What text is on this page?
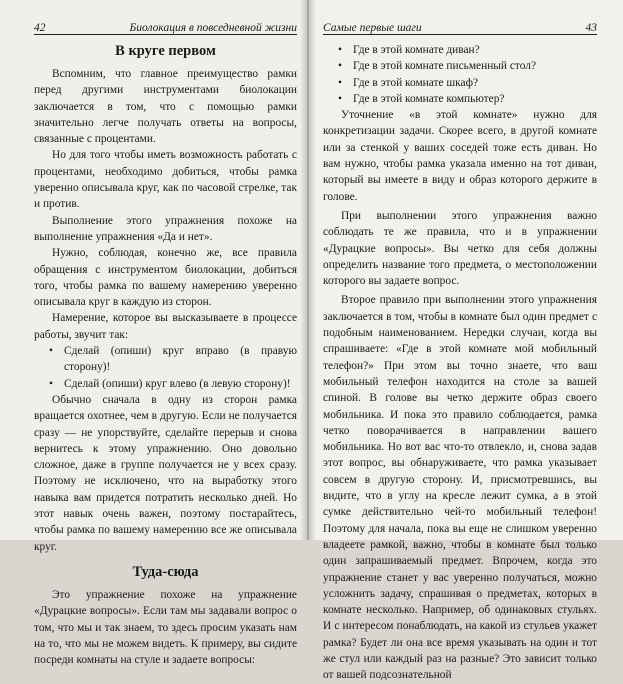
42	Биолокация в повседневной жизни
В круге первом

Вспомним, что главное преимущество рамки перед другими инструментами биолокации заключается в том, что с помощью рамки значительно легче получать ответы на вопросы, связанные с процентами.

Но для того чтобы иметь возможность работать с процентами, необходимо добиться, чтобы рамка уверенно описывала круг, как по часовой стрелке, так и против.

Выполнение этого упражнения похоже на выполнение упражнения «Да и нет».

Нужно, соблюдая, конечно же, все правила обращения с инструментом биолокации, добиться того, чтобы рамка по вашему намерению уверенно описывала круг в каждую из сторон.

Намерение, которое вы высказываете в процессе работы, звучит так:

• Сделай (опиши) круг вправо (в правую сторону)!
• Сделай (опиши) круг влево (в левую сторону)!

Обычно сначала в одну из сторон рамка вращается охотнее, чем в другую. Если не получается сразу — не упорствуйте, сделайте перерыв и снова вернитесь к этому упражнению. Оно довольно сложное, даже в группе получается не у всех сразу. Поэтому не исключено, что на выработку этого навыка вам придется потратить несколько дней. Но этот навык очень важен, поэтому постарайтесь, чтобы рамка по вашему намерению все же описывала круг.

Туда-сюда

Это упражнение похоже на упражнение «Дурацкие вопросы». Если там мы задавали вопрос о том, что мы и так знаем, то здесь просим указать нам на то, что мы не можем видеть. К примеру, вы сидите посреди комнаты на стуле и задаете вопросы:

Самые первые шаги	43
• Где в этой комнате диван?
• Где в этой комнате письменный стол?
• Где в этой комнате шкаф?
• Где в этой комнате компьютер?

Уточнение «в этой комнате» нужно для конкретизации задачи. Скорее всего, в другой комнате или за стенкой у ваших соседей тоже есть диван. Но вам нужно, чтобы рамка указала именно на тот диван, который вы имеете в виду и образ которого держите в голове.

При выполнении этого упражнения важно соблюдать те же правила, что и в упражнении «Дурацкие вопросы». Вы четко для себя должны определить название того предмета, о местоположении которого вы задаете вопрос.

Второе правило при выполнении этого упражнения заключается в том, чтобы в комнате был один предмет с подобным наименованием. Нередки случаи, когда вы спрашиваете: «Где в этой комнате мой мобильный телефон?» При этом вы точно знаете, что ваш мобильный телефон находится на столе за вашей спиной. В голове вы четко держите образ своего мобильника. И пока это правило соблюдается, рамка четко поворачивается в направлении вашего мобильника. Но вот вас что-то отвлекло, и, снова задав этот вопрос, вы обнаруживаете, что рамка указывает совсем в другую сторону. И, присмотревшись, вы видите, что в углу на кресле лежит сумка, а в этой сумке действительно чей-то мобильный телефон! Поэтому для начала, пока вы еще не слишком уверенно владеете рамкой, важно, чтобы в комнате был только один запрашиваемый предмет. Впрочем, когда это упражнение станет у вас уверенно получаться, можно усложнить задачу, спрашивая о предметах, которых в комнате несколько. Например, об одинаковых стульях. И с интересом понаблюдать, на какой из стульев укажет рамка? Будет ли она все время указывать на один и тот же стул или каждый раз на разные? Это зависит только от вашей подсознательной
